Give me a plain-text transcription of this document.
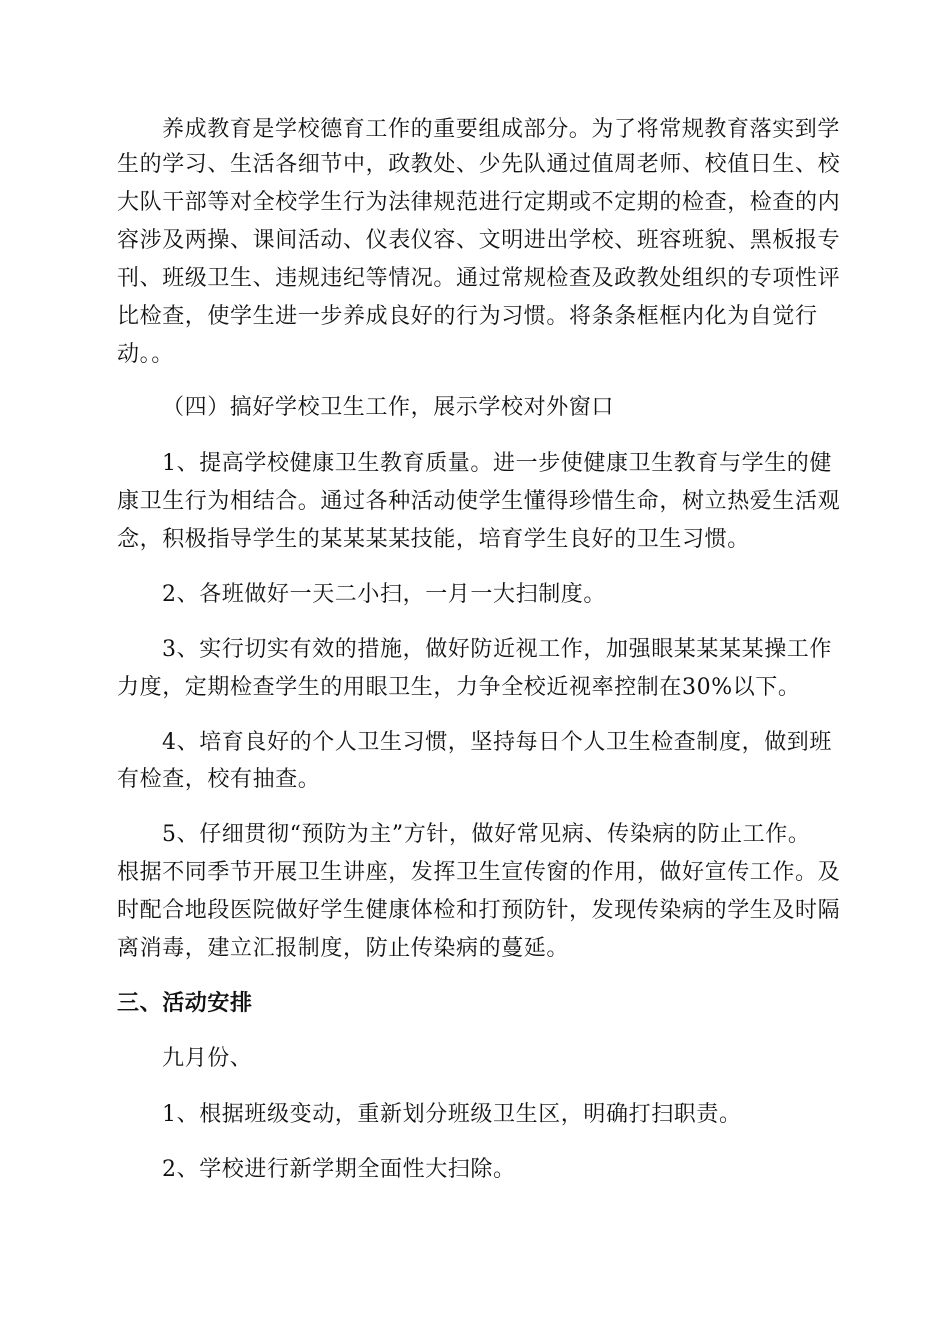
养成教育是学校德育工作的重要组成部分。为了将常规教育落实到学
生的学习、生活各细节中，政教处、少先队通过值周老师、校值日生、校
大队干部等对全校学生行为法律规范进行定期或不定期的检查，检查的内
容涉及两操、课间活动、仪表仪容、文明进出学校、班容班貌、黑板报专
刊、班级卫生、违规违纪等情况。通过常规检查及政教处组织的专项性评
比检查，使学生进一步养成良好的行为习惯。将条条框框内化为自觉行
动。。
（四）搞好学校卫生工作，展示学校对外窗口
1、提高学校健康卫生教育质量。进一步使健康卫生教育与学生的健
康卫生行为相结合。通过各种活动使学生懂得珍惜生命，树立热爱生活观
念，积极指导学生的某某某某技能，培育学生良好的卫生习惯。
2、各班做好一天二小扫，一月一大扫制度。
3、实行切实有效的措施，做好防近视工作，加强眼某某某某操工作
力度，定期检查学生的用眼卫生，力争全校近视率控制在30%以下。
4、培育良好的个人卫生习惯，坚持每日个人卫生检查制度，做到班
有检查，校有抽查。
5、仔细贯彻“预防为主”方针，做好常见病、传染病的防止工作。
根据不同季节开展卫生讲座，发挥卫生宣传窗的作用，做好宣传工作。及
时配合地段医院做好学生健康体检和打预防针，发现传染病的学生及时隔
离消毒，建立汇报制度，防止传染病的蔓延。
三、活动安排
九月份、
1、根据班级变动，重新划分班级卫生区，明确打扫职责。
2、学校进行新学期全面性大扫除。
